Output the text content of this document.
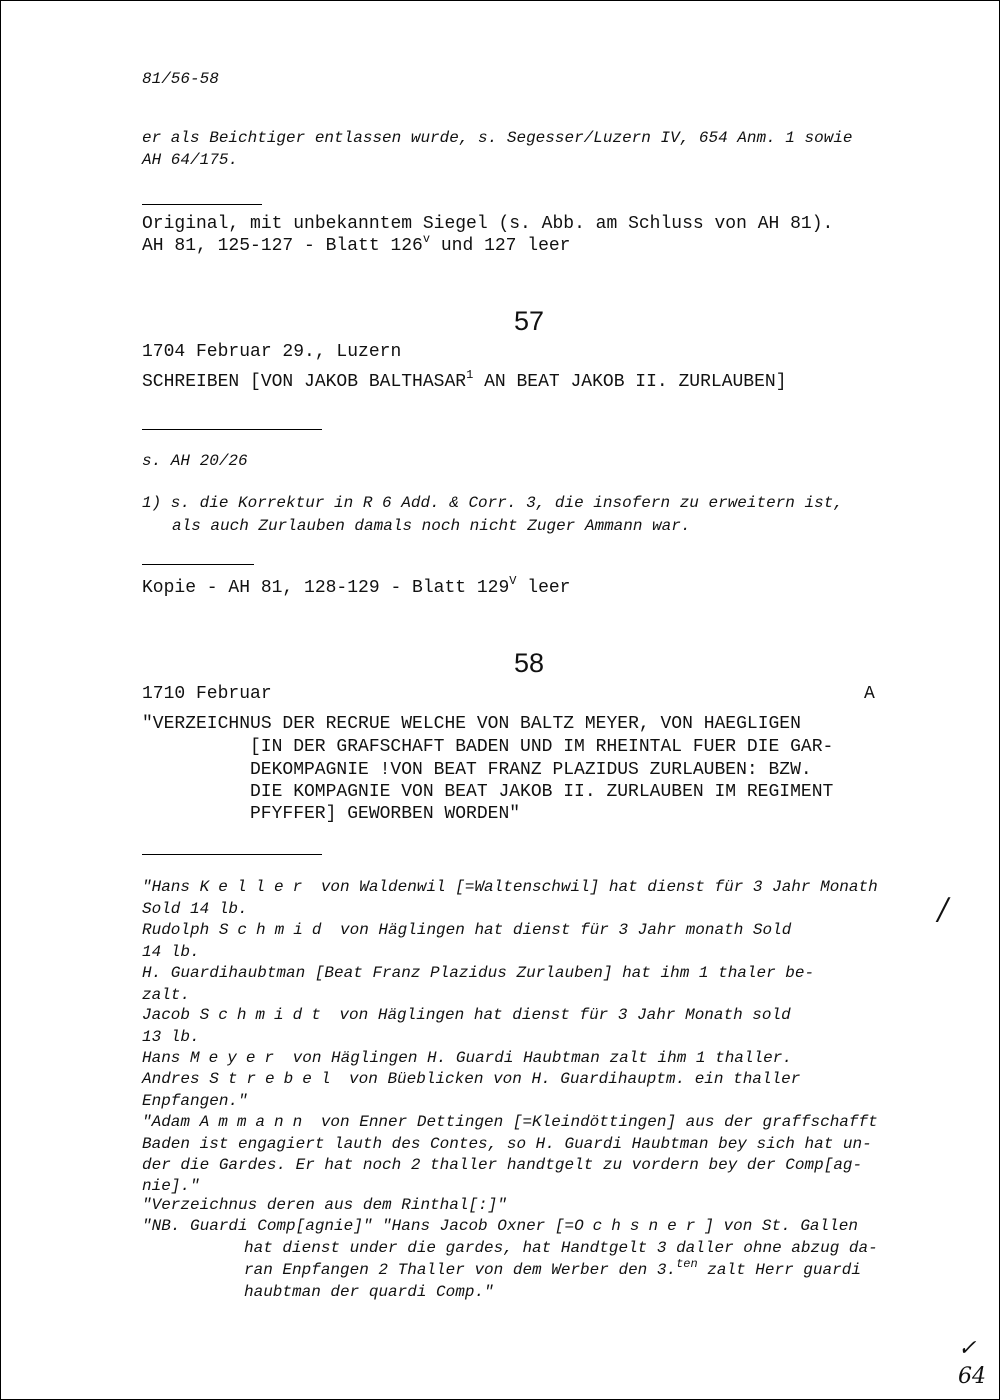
81/56-58
er als Beichtiger entlassen wurde, s. Segesser/Luzern IV, 654 Anm. 1 sowie
AH 64/175.
Original, mit unbekanntem Siegel (s. Abb. am Schluss von AH 81).
AH 81, 125-127 - Blatt 126$^v$ und 127 leer
57
1704 Februar 29., Luzern
SCHREIBEN [VON JAKOB BALTHASAR$^1$ AN BEAT JAKOB II. ZURLAUBEN]
s. AH 20/26
1) s. die Korrektur in R 6 Add. & Corr. 3, die insofern zu erweitern ist,
als auch Zurlauben damals noch nicht Zuger Ammann war.
Kopie - AH 81, 128-129 - Blatt $129^V$ leer
58
1710 Februar	A
"VERZEICHNUS DER RECRUE WELCHE VON BALTZ MEYER, VON HAEGLIGEN
[IN DER GRAFSCHAFT BADEN UND IM RHEINTAL FUER DIE GAR-
DEKOMPAGNIE !VON BEAT FRANZ PLAZIDUS ZURLAUBEN: BZW.
DIE KOMPAGNIE VON BEAT JAKOB II. ZURLAUBEN IM REGIMENT
PFYFFER] GEWORBEN WORDEN"
"Hans Keller von Waldenwil [=Waltenschwil] hat dienst für 3 Jahr Monath
Sold 14 lb.
Rudolph Schmid von Häglingen hat dienst für 3 Jahr monath Sold
14 lb.
H. Guardihaubtman [Beat Franz Plazidus Zurlauben] hat ihm 1 thaler be-
zalt.
Jacob Schmidt von Häglingen hat dienst für 3 Jahr Monath sold
13 lb.
Hans Meyer von Häglingen H. Guardi Haubtman zalt ihm 1 thaller.
Andres Strebel von Büeblicken von H. Guardihauptm. ein thaller
Enpfangen."
"Adam Ammann von Enner Dettingen [=Kleindöttingen] aus der graffschafft
Baden ist engagiert lauth des Contes, so H. Guardi Haubtman bey sich hat un-
der die Gardes. Er hat noch 2 thaller handtgelt zu vordern bey der Comp[ag-
nie]."
"Verzeichnus deren aus dem Rinthal[:]"
"NB. Guardi Comp[agnie]" "Hans Jacob Oxner [=Ochsner] von St. Gallen
hat dienst under die gardes, hat Handtgelt 3 daller ohne abzug da-
ran Enpfangen 2 Thaller von dem Werber den 3.$^{ten}$ zalt Herr guardi
haubtman der quardi Comp."
/
✓
64
